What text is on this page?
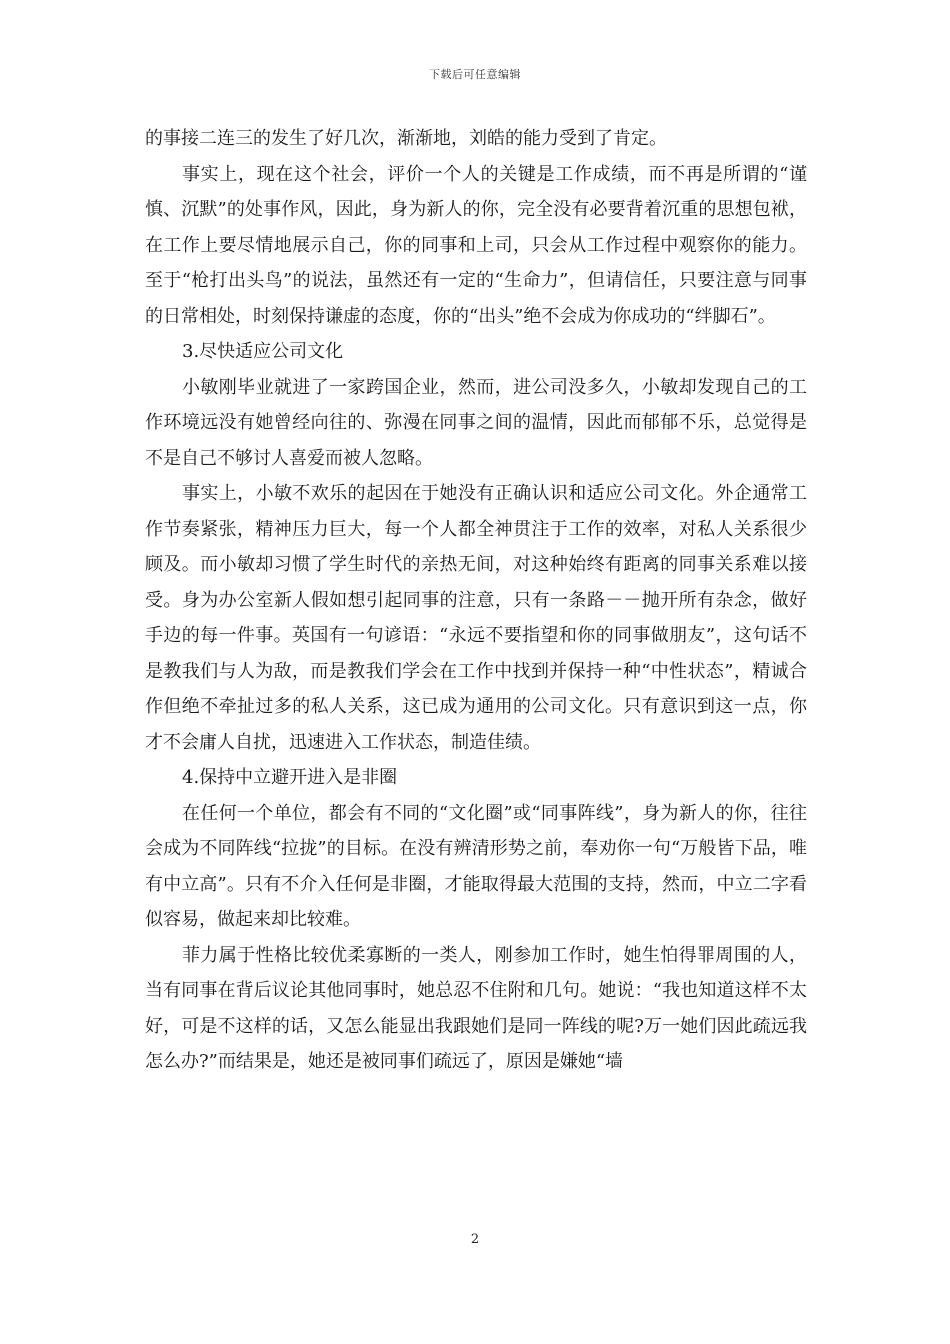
下载后可任意编辑

的事接二连三的发生了好几次，渐渐地，刘皓的能力受到了肯定。

事实上，现在这个社会，评价一个人的关键是工作成绩，而不再是所谓的“谨慎、沉默”的处事作风，因此，身为新人的你，完全没有必要背着沉重的思想包袱，在工作上要尽情地展示自己，你的同事和上司，只会从工作过程中观察你的能力。至于“枪打出头鸟”的说法，虽然还有一定的“生命力”，但请信任，只要注意与同事的日常相处，时刻保持谦虚的态度，你的“出头”绝不会成为你成功的“绊脚石”。

3.尽快适应公司文化

小敏刚毕业就进了一家跨国企业，然而，进公司没多久，小敏却发现自己的工作环境远没有她曾经向往的、弥漫在同事之间的温情，因此而郁郁不乐，总觉得是不是自己不够讨人喜爱而被人忽略。

事实上，小敏不欢乐的起因在于她没有正确认识和适应公司文化。外企通常工作节奏紧张，精神压力巨大，每一个人都全神贯注于工作的效率，对私人关系很少顾及。而小敏却习惯了学生时代的亲热无间，对这种始终有距离的同事关系难以接受。身为办公室新人假如想引起同事的注意，只有一条路－－抛开所有杂念，做好手边的每一件事。英国有一句谚语：“永远不要指望和你的同事做朋友”，这句话不是教我们与人为敌，而是教我们学会在工作中找到并保持一种“中性状态”，精诚合作但绝不牵扯过多的私人关系，这已成为通用的公司文化。只有意识到这一点，你才不会庸人自扰，迅速进入工作状态，制造佳绩。

4.保持中立避开进入是非圈

在任何一个单位，都会有不同的“文化圈”或“同事阵线”，身为新人的你，往往会成为不同阵线“拉拢”的目标。在没有辨清形势之前，奉劝你一句“万般皆下品，唯有中立高”。只有不介入任何是非圈，才能取得最大范围的支持，然而，中立二字看似容易，做起来却比较难。

菲力属于性格比较优柔寡断的一类人，刚参加工作时，她生怕得罪周围的人，当有同事在背后议论其他同事时，她总忍不住附和几句。她说：“我也知道这样不太好，可是不这样的话，又怎么能显出我跟她们是同一阵线的呢?万一她们因此疏远我怎么办?”而结果是，她还是被同事们疏远了，原因是嫌她“墙

2
